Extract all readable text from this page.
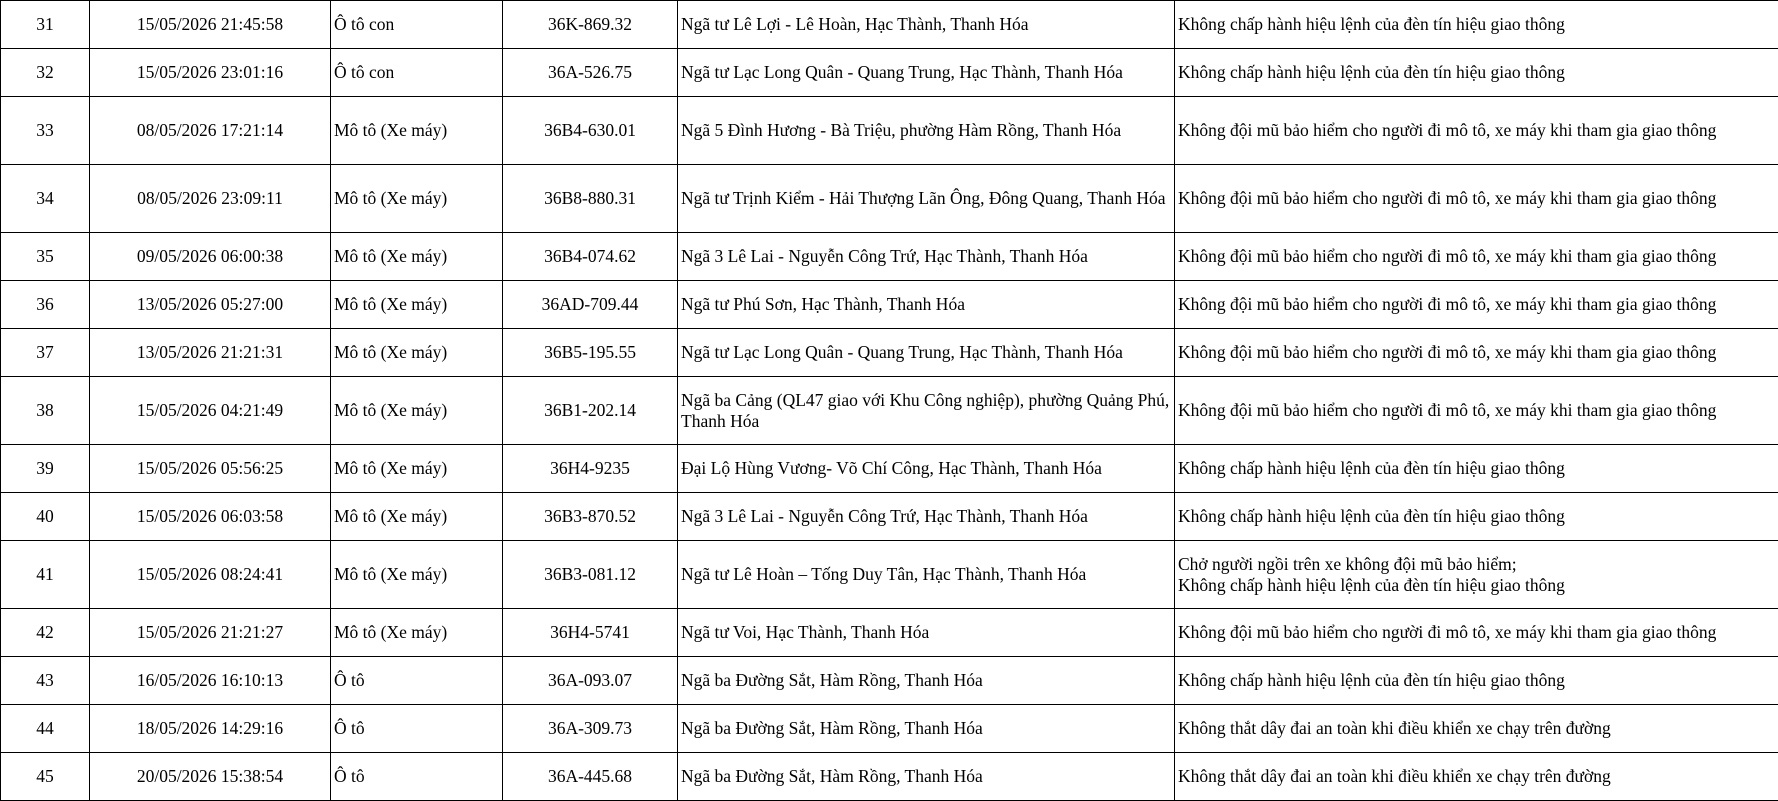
31	15/05/2026 21:45:58	Ô tô con	36K-869.32	Ngã tư Lê Lợi - Lê Hoàn, Hạc Thành, Thanh Hóa	Không chấp hành hiệu lệnh của đèn tín hiệu giao thông

32	15/05/2026 23:01:16	Ô tô con	36A-526.75	Ngã tư Lạc Long Quân - Quang Trung, Hạc Thành, Thanh Hóa	Không chấp hành hiệu lệnh của đèn tín hiệu giao thông

33	08/05/2026 17:21:14	Mô tô (Xe máy)	36B4-630.01	Ngã 5 Đình Hương - Bà Triệu, phường Hàm Rồng, Thanh Hóa	Không đội mũ bảo hiểm cho người đi mô tô, xe máy khi tham gia giao thông

34	08/05/2026 23:09:11	Mô tô (Xe máy)	36B8-880.31	Ngã tư Trịnh Kiểm - Hải Thượng Lãn Ông, Đông Quang, Thanh Hóa	Không đội mũ bảo hiểm cho người đi mô tô, xe máy khi tham gia giao thông

35	09/05/2026 06:00:38	Mô tô (Xe máy)	36B4-074.62	Ngã 3 Lê Lai - Nguyễn Công Trứ, Hạc Thành, Thanh Hóa	Không đội mũ bảo hiểm cho người đi mô tô, xe máy khi tham gia giao thông

36	13/05/2026 05:27:00	Mô tô (Xe máy)	36AD-709.44	Ngã tư Phú Sơn, Hạc Thành, Thanh Hóa	Không đội mũ bảo hiểm cho người đi mô tô, xe máy khi tham gia giao thông

37	13/05/2026 21:21:31	Mô tô (Xe máy)	36B5-195.55	Ngã tư Lạc Long Quân - Quang Trung, Hạc Thành, Thanh Hóa	Không đội mũ bảo hiểm cho người đi mô tô, xe máy khi tham gia giao thông

38	15/05/2026 04:21:49	Mô tô (Xe máy)	36B1-202.14	Ngã ba Cảng (QL47 giao với Khu Công nghiệp), phường Quảng Phú, Thanh Hóa	Không đội mũ bảo hiểm cho người đi mô tô, xe máy khi tham gia giao thông

39	15/05/2026 05:56:25	Mô tô (Xe máy)	36H4-9235	Đại Lộ Hùng Vương- Võ Chí Công, Hạc Thành, Thanh Hóa	Không chấp hành hiệu lệnh của đèn tín hiệu giao thông

40	15/05/2026 06:03:58	Mô tô (Xe máy)	36B3-870.52	Ngã 3 Lê Lai - Nguyễn Công Trứ, Hạc Thành, Thanh Hóa	Không chấp hành hiệu lệnh của đèn tín hiệu giao thông

41	15/05/2026 08:24:41	Mô tô (Xe máy)	36B3-081.12	Ngã tư Lê Hoàn – Tống Duy Tân, Hạc Thành, Thanh Hóa	Chở người ngồi trên xe không đội mũ bảo hiểm;
Không chấp hành hiệu lệnh của đèn tín hiệu giao thông

42	15/05/2026 21:21:27	Mô tô (Xe máy)	36H4-5741	Ngã tư Voi, Hạc Thành, Thanh Hóa	Không đội mũ bảo hiểm cho người đi mô tô, xe máy khi tham gia giao thông

43	16/05/2026 16:10:13	Ô tô	36A-093.07	Ngã ba Đường Sắt, Hàm Rồng, Thanh Hóa	Không chấp hành hiệu lệnh của đèn tín hiệu giao thông

44	18/05/2026 14:29:16	Ô tô	36A-309.73	Ngã ba Đường Sắt, Hàm Rồng, Thanh Hóa	Không thắt dây đai an toàn khi điều khiển xe chạy trên đường

45	20/05/2026 15:38:54	Ô tô	36A-445.68	Ngã ba Đường Sắt, Hàm Rồng, Thanh Hóa	Không thắt dây đai an toàn khi điều khiển xe chạy trên đường
